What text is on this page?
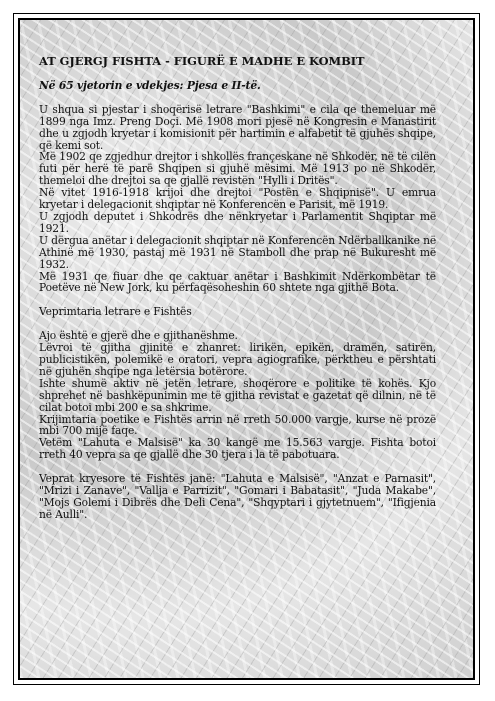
AT GJERGJ FISHTA - FIGURË E MADHE E KOMBIT

Në 65 vjetorin e vdekjes: Pjesa e II-të.

U shqua si pjestar i shoqërisë letrare "Bashkimi" e cila qe themeluar më 1899 nga Imz. Preng Doçi. Më 1908 mori pjesë në Kongresin e Manastirit dhe u zgjodh kryetar i komisionit për hartimin e alfabetit të gjuhës shqipe, që kemi sot.

Më 1902 qe zgjedhur drejtor i shkollës françeskane në Shkodër, në të cilën futi për herë të parë Shqipen si gjuhë mësimi. Më 1913 po në Shkodër, themeloi dhe drejtoi sa qe gjallë revistën "Hylli i Dritës".

Në vitet 1916-1918 krijoi dhe drejtoi "Postën e Shqipnisë". U emrua kryetar i delegacionit shqiptar në Konferencën e Parisit, më 1919.

U zgjodh deputet i Shkodrës dhe nënkryetar i Parlamentit Shqiptar më 1921.

U dërgua anëtar i delegacionit shqiptar në Konferencën Ndërballkanike në Athinë më 1930, pastaj më 1931 në Stamboll dhe prap në Bukuresht më 1932.

Më 1931 qe fiuar dhe qe caktuar anëtar i Bashkimit Ndërkombëtar të Poetëve në New Jork, ku përfaqësoheshin 60 shtete nga gjithë Bota.

Veprimtaria letrare e Fishtës

Ajo është e gjerë dhe e gjithanëshme.

Lëvroi të gjitha gjinitë e zhanret: lirikën, epikën, dramën, satirën, publicistikën, polemikë e oratori, vepra agiografike, përktheu e përshtati në gjuhën shqipe nga letërsia botërore.

Ishte shumë aktiv në jetën letrare, shoqërore e politike të kohës. Kjo shprehet në bashkëpunimin me të gjitha revistat e gazetat që dilnin, në të cilat botoi mbi 200 e sa shkrime.

Krijimtaria poetike e Fishtës arrin në rreth 50.000 vargje, kurse në prozë mbi 700 mijë faqe.

Vetëm "Lahuta e Malsisë" ka 30 kangë me 15.563 vargje. Fishta botoi rreth 40 vepra sa qe gjallë dhe 30 tjera i la të pabotuara.

Veprat kryesore të Fishtës janë: "Lahuta e Malsisë", "Anzat e Parnasit", "Mrizi i Zanave", "Vallja e Parrizit", "Gomari i Babatasit", "Juda Makabe", "Mojs Golemi i Dibrës dhe Deli Cena", "Shqyptari i gjytetnuem", "Ifigjenia në Aulli".
